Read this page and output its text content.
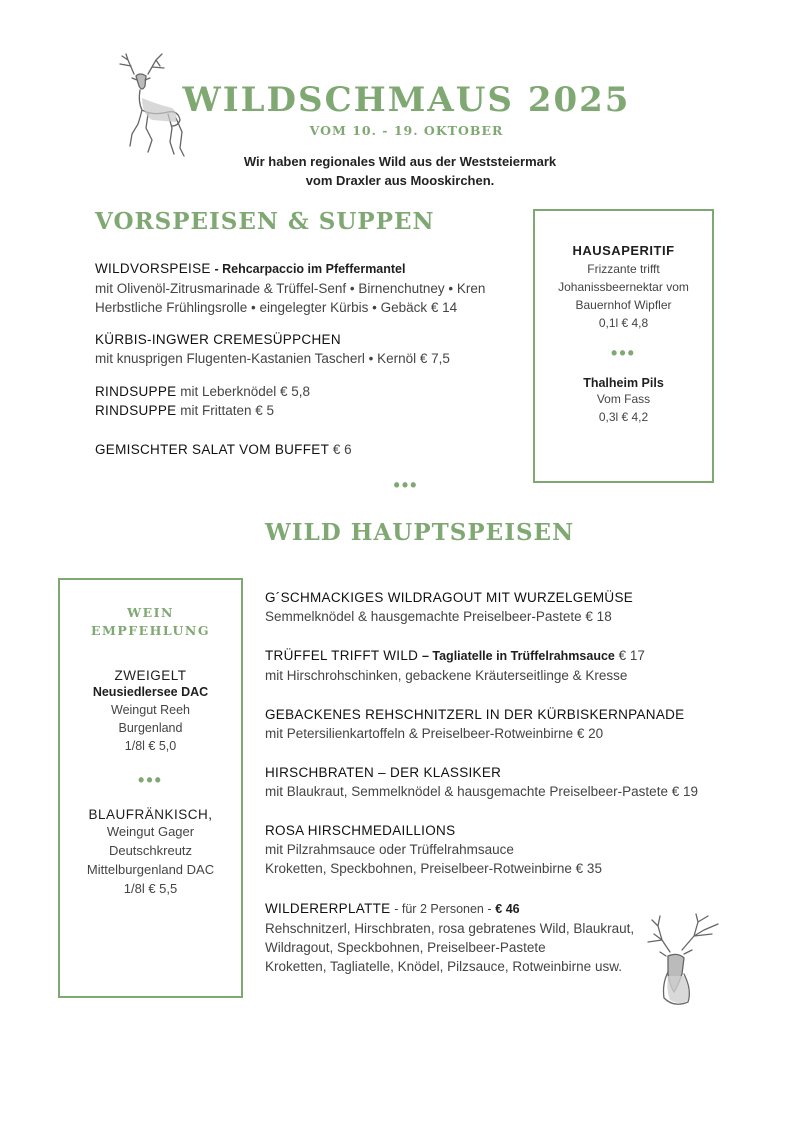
WILDSCHMAUS 2025
VOM 10. - 19. OKTOBER
Wir haben regionales Wild aus der Weststeiermark
vom Draxler aus Mooskirchen.
VORSPEISEN & SUPPEN
WILDVORSPEISE - Rehcarpaccio im Pfeffermantel
mit Olivenöl-Zitrusmarinade & Trüffel-Senf • Birnenchutney • Kren
Herbstliche Frühlingsrolle • eingelegter Kürbis • Gebäck € 14
KÜRBIS-INGWER CREMESÜPPCHEN
mit knusprigen Flugenten-Kastanien Tascherl • Kernöl € 7,5
RINDSUPPE mit Leberknödel € 5,8
RINDSUPPE mit Frittaten € 5
GEMISCHTER SALAT VOM BUFFET € 6
•••
HAUSAPERITIF
Frizzante trifft
Johanissbeernektar vom
Bauernhof Wipfler
0,1l € 4,8
•••
Thalheim Pils
Vom Fass
0,3l € 4,2
WILD HAUPTSPEISEN
G´SCHMACKIGES WILDRAGOUT MIT WURZELGEMÜSE
Semmelknödel & hausgemachte Preiselbeer-Pastete € 18
TRÜFFEL TRIFFT WILD – Tagliatelle in Trüffelrahmsauce € 17
mit Hirschrohschinken, gebackene Kräuterseitlinge & Kresse
GEBACKENES REHSCHNITZERL IN DER KÜRBISKERNPANADE
mit Petersilienkartoffeln & Preiselbeer-Rotweinbirne € 20
HIRSCHBRATEN – DER KLASSIKER
mit Blaukraut, Semmelknödel & hausgemachte Preiselbeer-Pastete € 19
ROSA HIRSCHMEDAILLIONS
mit Pilzrahmsauce oder Trüffelrahmsauce
Kroketten, Speckbohnen, Preiselbeer-Rotweinbirne € 35
WILDERERPLATTE - für 2 Personen - € 46
Rehschnitzerl, Hirschbraten, rosa gebratenes Wild, Blaukraut,
Wildragout, Speckbohnen, Preiselbeer-Pastete
Kroketten, Tagliatelle, Knödel, Pilzsauce, Rotweinbirne usw.
WEIN
EMPFEHLUNG
ZWEIGELT
Neusiedlersee DAC
Weingut Reeh
Burgenland
1/8l € 5,0
•••
BLAUFRÄNKISCH,
Weingut Gager
Deutschkreutz
Mittelburgenland DAC
1/8l € 5,5
